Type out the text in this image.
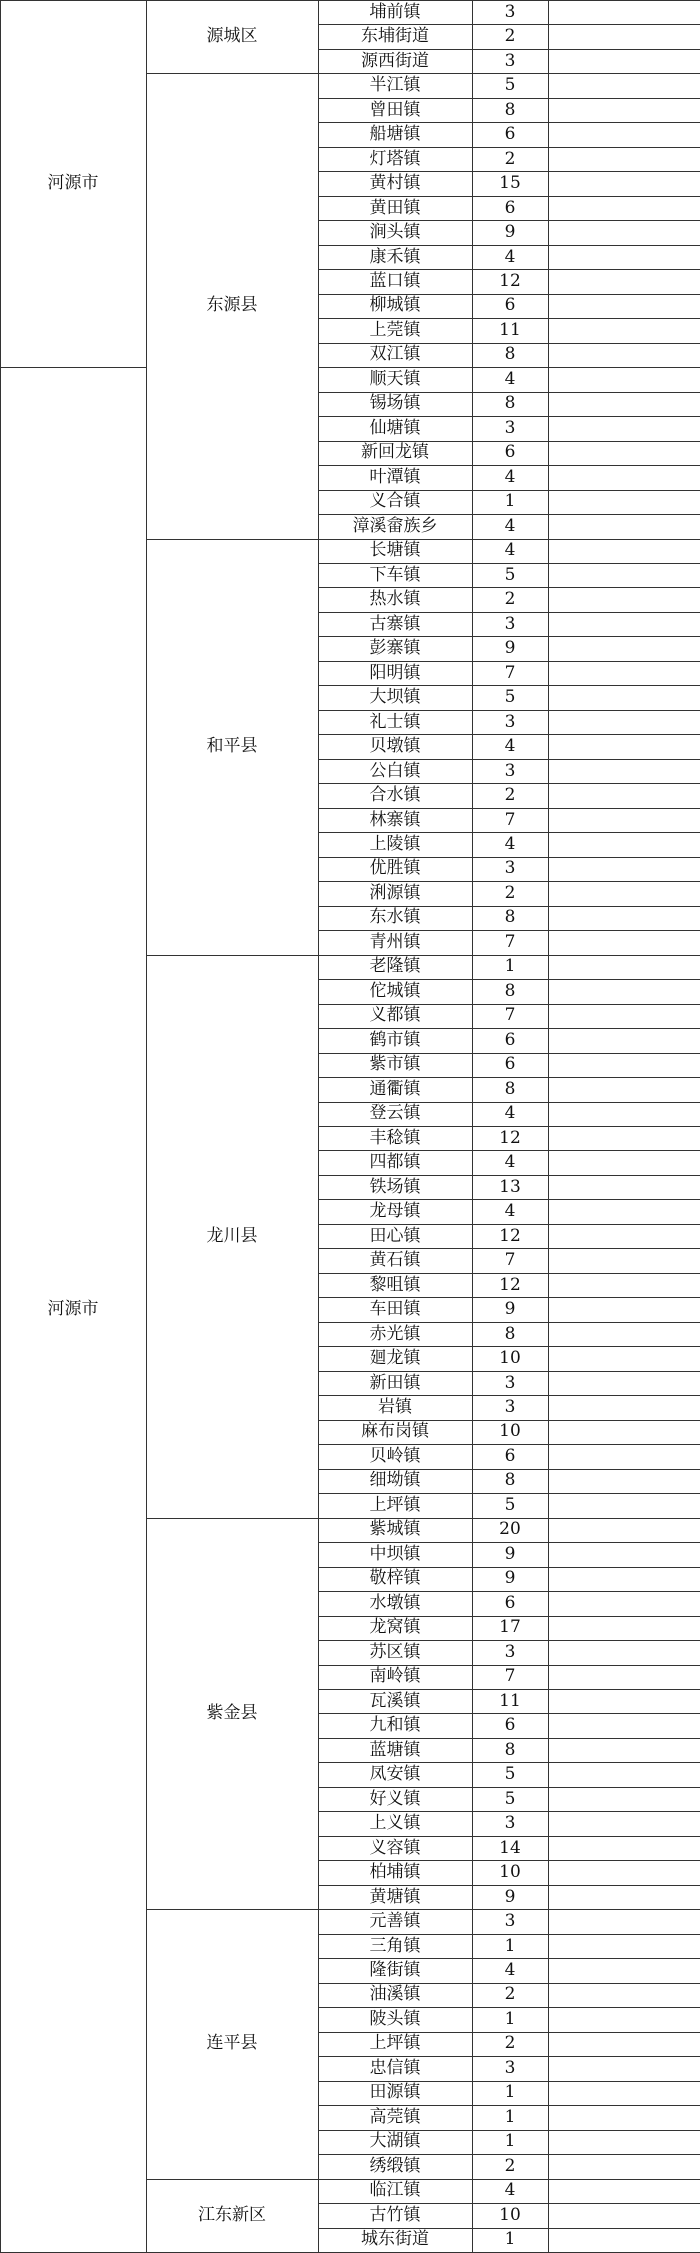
河源市
河源市
源城区
埔前镇	3
东埔街道	2
源西街道	3
东源县
半江镇	5
曾田镇	8
船塘镇	6
灯塔镇	2
黄村镇	15
黄田镇	6
涧头镇	9
康禾镇	4
蓝口镇	12
柳城镇	6
上莞镇	11
双江镇	8
顺天镇	4
锡场镇	8
仙塘镇	3
新回龙镇	6
叶潭镇	4
义合镇	1
漳溪畲族乡	4
和平县
长塘镇	4
下车镇	5
热水镇	2
古寨镇	3
彭寨镇	9
阳明镇	7
大坝镇	5
礼士镇	3
贝墩镇	4
公白镇	3
合水镇	2
林寨镇	7
上陵镇	4
优胜镇	3
浰源镇	2
东水镇	8
青州镇	7
龙川县
老隆镇	1
佗城镇	8
义都镇	7
鹤市镇	6
紫市镇	6
通衢镇	8
登云镇	4
丰稔镇	12
四都镇	4
铁场镇	13
龙母镇	4
田心镇	12
黄石镇	7
黎咀镇	12
车田镇	9
赤光镇	8
廻龙镇	10
新田镇	3
岩镇	3
麻布岗镇	10
贝岭镇	6
细坳镇	8
上坪镇	5
紫金县
紫城镇	20
中坝镇	9
敬梓镇	9
水墩镇	6
龙窝镇	17
苏区镇	3
南岭镇	7
瓦溪镇	11
九和镇	6
蓝塘镇	8
凤安镇	5
好义镇	5
上义镇	3
义容镇	14
柏埔镇	10
黄塘镇	9
连平县
元善镇	3
三角镇	1
隆街镇	4
油溪镇	2
陂头镇	1
上坪镇	2
忠信镇	3
田源镇	1
高莞镇	1
大湖镇	1
绣缎镇	2
江东新区
临江镇	4
古竹镇	10
城东街道	1
